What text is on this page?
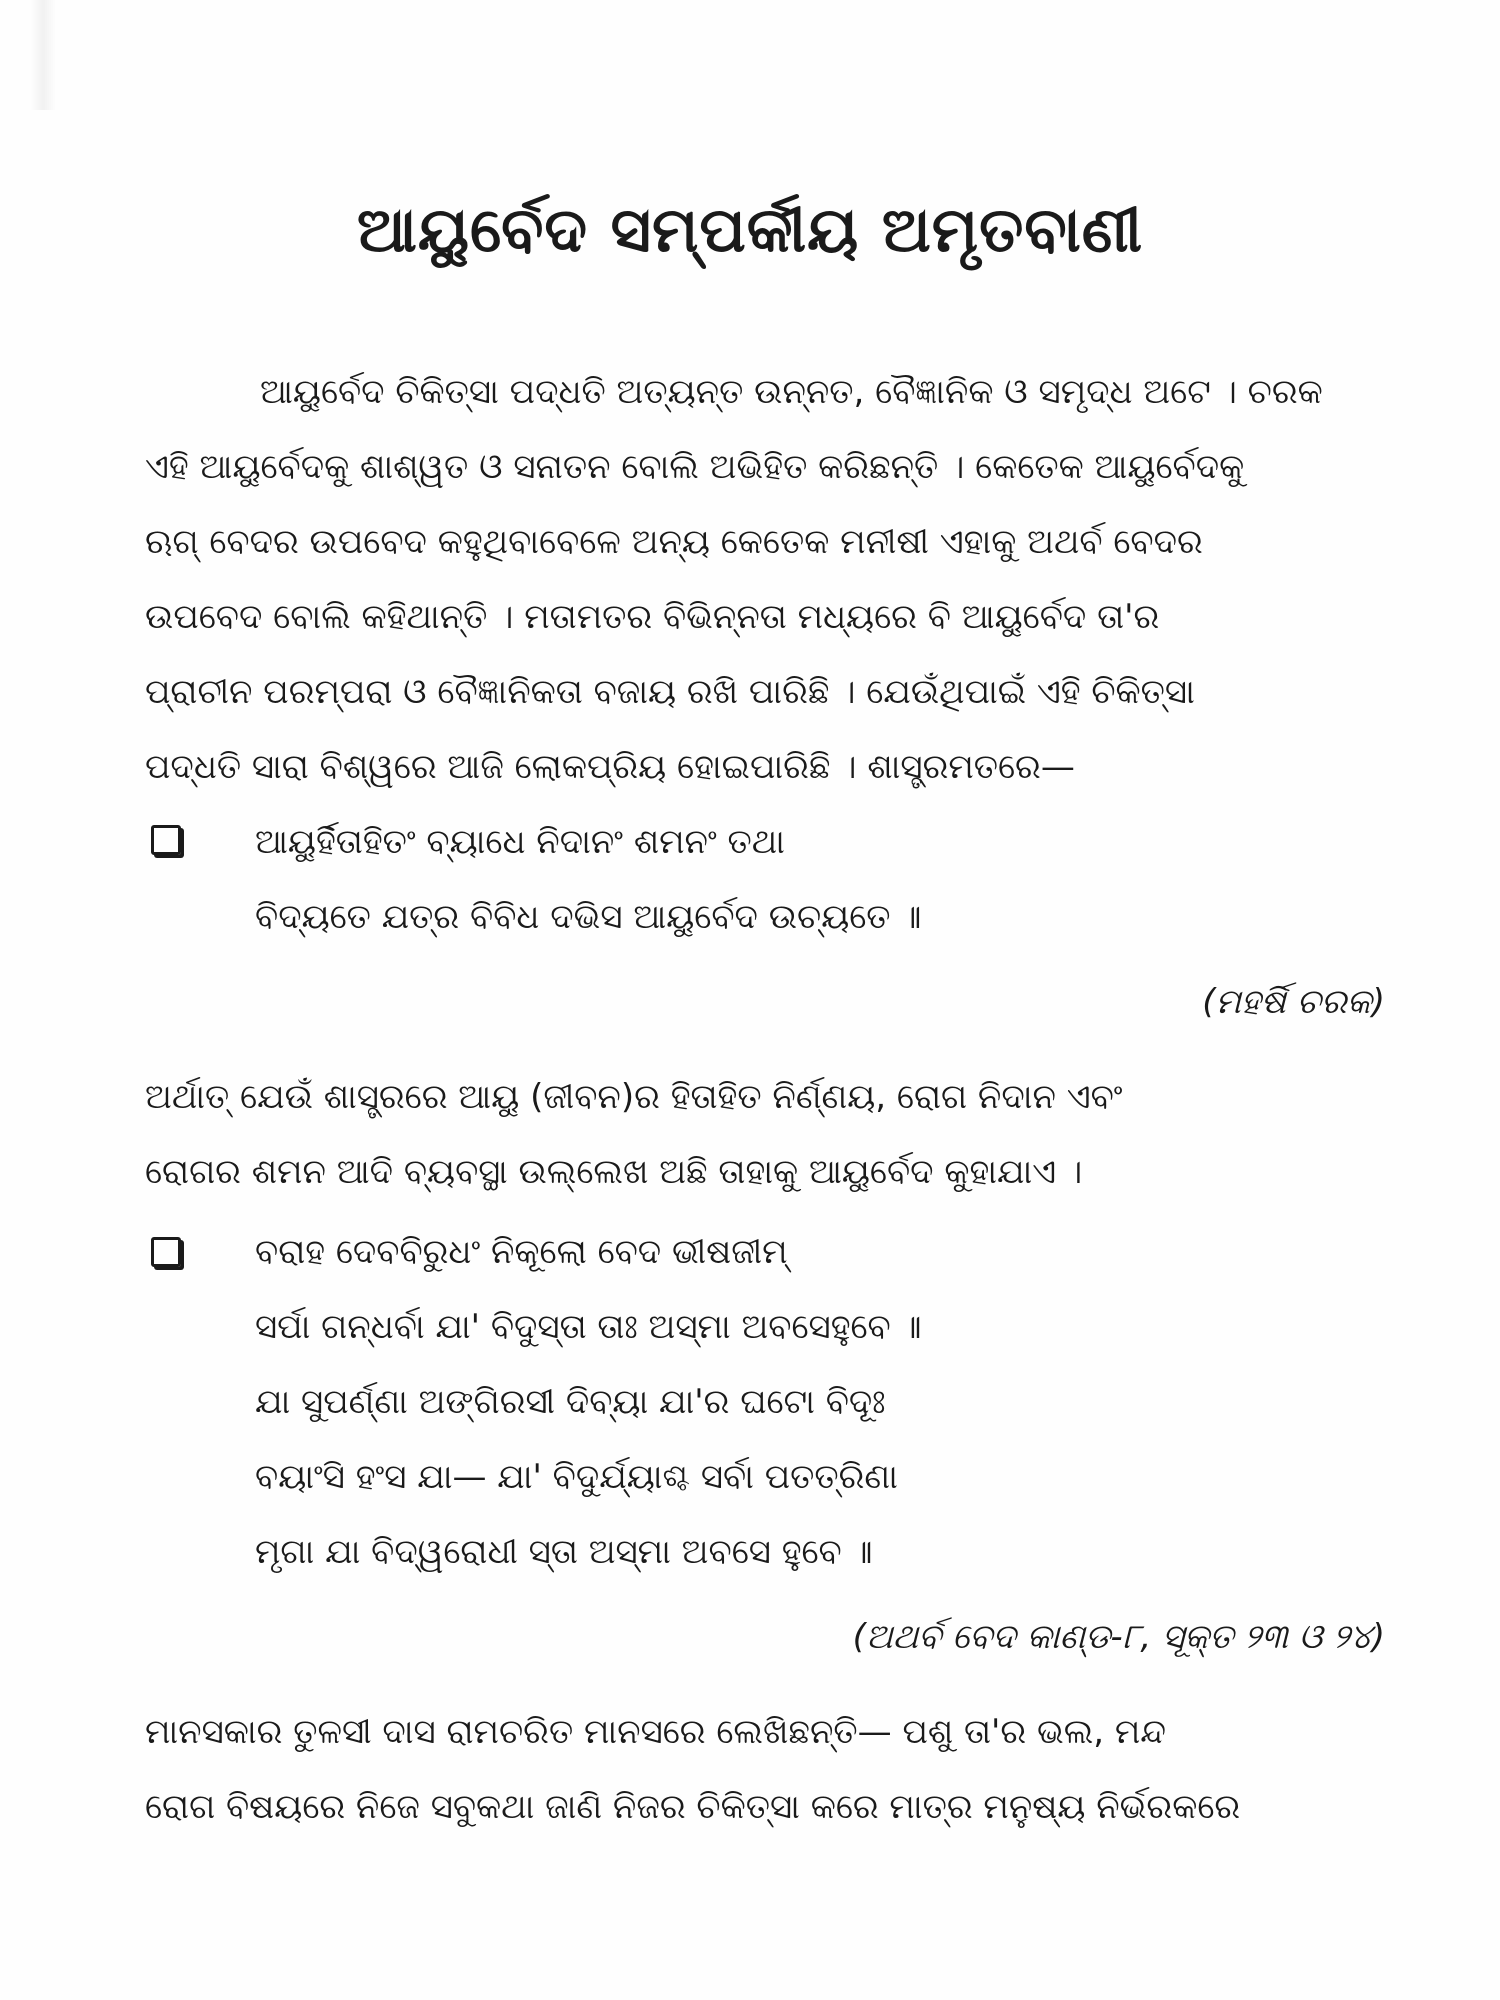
ଆୟୁର୍ବେଦ ସମ୍ପର୍କୀୟ ଅମୃତବାଣୀ
ଆୟୁର୍ବେଦ ଚିକିତ୍ସା ପଦ୍ଧତି ଅତ୍ୟନ୍ତ ଉନ୍ନତ, ବୈଜ୍ଞାନିକ ଓ ସମୃଦ୍ଧ ଅଟେ । ଚରକ
ଏହି ଆୟୁର୍ବେଦକୁ ଶାଶ୍ୱତ ଓ ସନାତନ ବୋଲି ଅଭିହିତ କରିଛନ୍ତି । କେତେକ ଆୟୁର୍ବେଦକୁ
ଋଗ୍ ବେଦର ଉପବେଦ କହୁଥିବାବେଳେ ଅନ୍ୟ କେତେକ ମନୀଷୀ ଏହାକୁ ଅଥର୍ବ ବେଦର
ଉପବେଦ ବୋଲି କହିଥାନ୍ତି । ମତାମତର ବିଭିନ୍ନତା ମଧ୍ୟରେ ବି ଆୟୁର୍ବେଦ ତା'ର
ପ୍ରାଚୀନ ପରମ୍ପରା ଓ ବୈଜ୍ଞାନିକତା ବଜାୟ ରଖି ପାରିଛି । ଯେଉଁଥିପାଇଁ ଏହି ଚିକିତ୍ସା
ପଦ୍ଧତି ସାରା ବିଶ୍ୱରେ ଆଜି ଲୋକପ୍ରିୟ ହୋଇପାରିଛି । ଶାସ୍ତ୍ରମତରେ—
ଆୟୁର୍ହିତାହିତଂ ବ୍ୟାଧେ ନିଦାନଂ ଶମନଂ ତଥା
ବିଦ୍ୟତେ ଯତ୍ର ବିବିଧ ଦଭିସ ଆୟୁର୍ବେଦ ଉଚ୍ୟତେ ॥
(ମହର୍ଷି ଚରକ)
ଅର୍ଥାତ୍ ଯେଉଁ ଶାସ୍ତ୍ରରେ ଆୟୁ (ଜୀବନ)ର ହିତାହିତ ନିର୍ଣ୍ଣୟ, ରୋଗ ନିଦାନ ଏବଂ
ରୋଗର ଶମନ ଆଦି ବ୍ୟବସ୍ଥା ଉଲ୍ଲେଖ ଅଛି ତାହାକୁ ଆୟୁର୍ବେଦ କୁହାଯାଏ ।
ବରାହ ଦେବବିରୁଧଂ ନିକୂଲୋ ବେଦ ଭୀଷଜୀମ୍
ସର୍ପା ଗନ୍ଧର୍ବା ଯା' ବିଦୁସ୍ତା ତାଃ ଅସ୍ମା ଅବସେହୁବେ ॥
ଯା ସୁପର୍ଣ୍ଣା ଅଙ୍ଗିରସୀ ଦିବ୍ୟା ଯା'ର ଘଟୋ ବିଦୂଃ
ବୟାଂସି ହଂସ ଯା— ଯା' ବିଦୁର୍ଯ୍ୟାଶ୍ଚ ସର୍ବା ପତତ୍ରିଣା
ମୃଗା ଯା ବିଦ୍ୱରୋଧୀ ସ୍ତା ଅସ୍ମା ଅବସେ ହୁବେ ॥
(ଅଥର୍ବ ବେଦ କାଣ୍ଡ-୮, ସୂକ୍ତ ୨୩ ଓ ୨୪)
ମାନସକାର ତୁଳସୀ ଦାସ ରାମଚରିତ ମାନସରେ ଲେଖିଛନ୍ତି— ପଶୁ ତା'ର ଭଲ, ମନ୍ଦ
ରୋଗ ବିଷୟରେ ନିଜେ ସବୁକଥା ଜାଣି ନିଜର ଚିକିତ୍ସା କରେ ମାତ୍ର ମନୁଷ୍ୟ ନିର୍ଭରକରେ
